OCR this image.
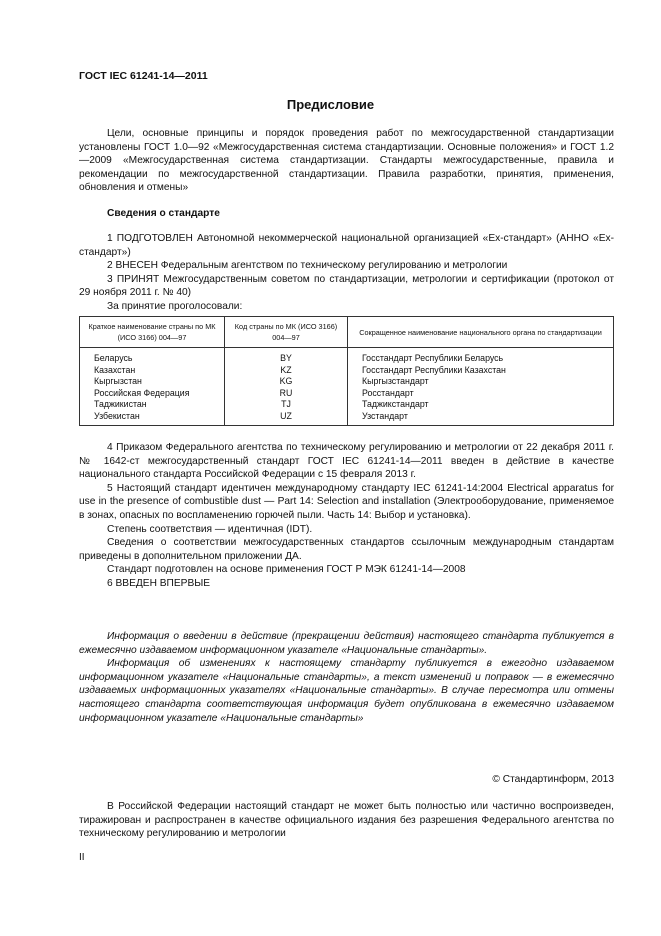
ГОСТ IEC 61241-14—2011
Предисловие

Цели, основные принципы и порядок проведения работ по межгосударственной стандартизации установлены ГОСТ 1.0—92 «Межгосударственная система стандартизации. Основные положения» и ГОСТ 1.2—2009 «Межгосударственная система стандартизации. Стандарты межгосударственные, правила и рекомендации по межгосударственной стандартизации. Правила разработки, принятия, применения, обновления и отмены»

Сведения о стандарте

1 ПОДГОТОВЛЕН Автономной некоммерческой национальной организацией «Ех-стандарт» (АННО «Ех-стандарт»)

2 ВНЕСЕН Федеральным агентством по техническому регулированию и метрологии

3 ПРИНЯТ Межгосударственным советом по стандартизации, метрологии и сертификации (протокол от 29 ноября 2011 г. № 40)

За принятие проголосовали:

Краткое наименование страны по МК (ИСО 3166) 004—97	Код страны по МК (ИСО 3166) 004—97	Сокращенное наименование национального органа по стандартизации
Беларусь	BY	Госстандарт Республики Беларусь
Казахстан	KZ	Госстандарт Республики Казахстан
Кыргызстан	KG	Кыргызстандарт
Российская Федерация	RU	Росстандарт
Таджикистан	TJ	Таджикстандарт
Узбекистан	UZ	Узстандарт

4 Приказом Федерального агентства по техническому регулированию и метрологии от 22 декабря 2011 г. № 1642-ст межгосударственный стандарт ГОСТ IEC 61241-14—2011 введен в действие в качестве национального стандарта Российской Федерации с 15 февраля 2013 г.

5 Настоящий стандарт идентичен международному стандарту IEC 61241-14:2004 Electrical apparatus for use in the presence of combustible dust — Part 14: Selection and installation (Электрооборудование, применяемое в зонах, опасных по воспламенению горючей пыли. Часть 14: Выбор и установка).

Степень соответствия — идентичная (IDT).

Сведения о соответствии межгосударственных стандартов ссылочным международным стандартам приведены в дополнительном приложении ДА.

Стандарт подготовлен на основе применения ГОСТ Р МЭК 61241-14—2008

6 ВВЕДЕН ВПЕРВЫЕ

Информация о введении в действие (прекращении действия) настоящего стандарта публикуется в ежемесячно издаваемом информационном указателе «Национальные стандарты».

Информация об изменениях к настоящему стандарту публикуется в ежегодно издаваемом информационном указателе «Национальные стандарты», а текст изменений и поправок — в ежемесячно издаваемых информационных указателях «Национальные стандарты». В случае пересмотра или отмены настоящего стандарта соответствующая информация будет опубликована в ежемесячно издаваемом информационном указателе «Национальные стандарты»

© Стандартинформ, 2013

В Российской Федерации настоящий стандарт не может быть полностью или частично воспроизведен, тиражирован и распространен в качестве официального издания без разрешения Федерального агентства по техническому регулированию и метрологии

II
